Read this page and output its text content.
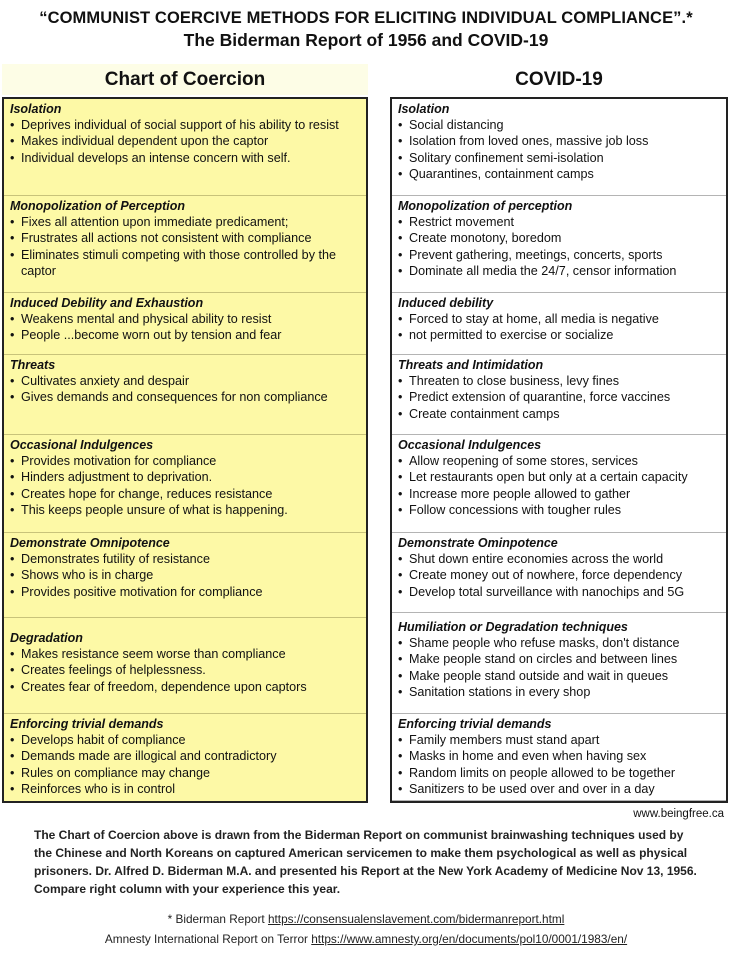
“COMMUNIST COERCIVE METHODS FOR ELICITING INDIVIDUAL COMPLIANCE”.*
The Biderman Report of 1956 and COVID-19
Chart of Coercion	COVID-19
Isolation
• Deprives individual of social support of his ability to resist
• Makes individual dependent upon the captor
• Individual develops an intense concern with self.
Monopolization of Perception
• Fixes all attention upon immediate predicament;
• Frustrates all actions not consistent with compliance
• Eliminates stimuli competing with those controlled by the captor
Induced Debility and Exhaustion
• Weakens mental and physical ability to resist
• People ...become worn out by tension and fear
Threats
• Cultivates anxiety and despair
• Gives demands and consequences for non compliance
Occasional Indulgences
• Provides motivation for compliance
• Hinders adjustment to deprivation.
• Creates hope for change, reduces resistance
• This keeps people unsure of what is happening.
Demonstrate Omnipotence
• Demonstrates futility of resistance
• Shows who is in charge
• Provides positive motivation for compliance
Degradation
• Makes resistance seem worse than compliance
• Creates feelings of helplessness.
• Creates fear of freedom, dependence upon captors
Enforcing trivial demands
• Develops habit of compliance
• Demands made are illogical and contradictory
• Rules on compliance may change
• Reinforces who is in control
Isolation
• Social distancing
• Isolation from loved ones, massive job loss
• Solitary confinement semi-isolation
• Quarantines, containment camps
Monopolization of perception
• Restrict movement
• Create monotony, boredom
• Prevent gathering, meetings, concerts, sports
• Dominate all media the 24/7, censor information
Induced debility
• Forced to stay at home, all media is negative
• not permitted to exercise or socialize
Threats and Intimidation
• Threaten to close business, levy fines
• Predict extension of quarantine, force vaccines
• Create containment camps
Occasional Indulgences
• Allow reopening of some stores, services
• Let restaurants open but only at a certain capacity
• Increase more people allowed to gather
• Follow concessions with tougher rules
Demonstrate Ominpotence
• Shut down entire economies across the world
• Create money out of nowhere, force dependency
• Develop total surveillance with nanochips and 5G
Humiliation or Degradation techniques
• Shame people who refuse masks, don't distance
• Make people stand on circles and between lines
• Make people stand outside and wait in queues
• Sanitation stations in every shop
Enforcing trivial demands
• Family members must stand apart
• Masks in home and even when having sex
• Random limits on people allowed to be together
• Sanitizers to be used over and over in a day
www.beingfree.ca
The Chart of Coercion above is drawn from the Biderman Report on communist brainwashing techniques used by the Chinese and North Koreans on captured American servicemen to make them psychological as well as physical prisoners. Dr. Alfred D. Biderman M.A. and presented his Report at the New York Academy of Medicine Nov 13, 1956. Compare right column with your experience this year.
* Biderman Report https://consensualenslavement.com/bidermanreport.html
Amnesty International Report on Terror https://www.amnesty.org/en/documents/pol10/0001/1983/en/
